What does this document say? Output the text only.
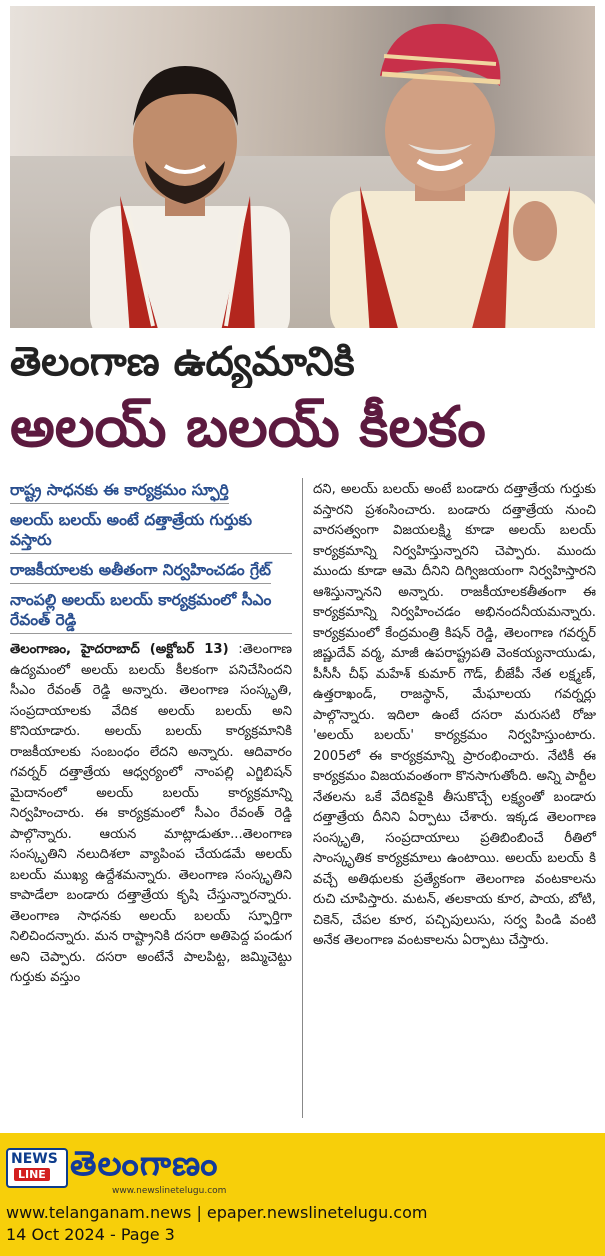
తెలంగాణ ఉద్యమానికి
అలయ్ బలయ్ కీలకం
రాష్ట్ర సాధనకు ఈ కార్యక్రమం స్ఫూర్తి అలయ్ బలయ్ అంటే దత్తాత్రేయ గుర్తుకు వస్తారు రాజకీయాలకు అతీతంగా నిర్వహించడం గ్రేట్ నాంపల్లి అలయ్ బలయ్ కార్యక్రమంలో సీఎం రేవంత్ రెడ్డి

తెలంగాణం, హైదరాబాద్ (అక్టోబర్ 13) :తెలంగాణ ఉద్యమంలో అలయ్ బలయ్ కీలకంగా పనిచేసిందని సీఎం రేవంత్ రెడ్డి అన్నారు. తెలంగాణ సంస్కృతి, సంప్రదాయాలకు వేదిక అలయ్ బలయ్ అని కొనియాడారు. అలయ్ బలయ్ కార్యక్రమానికి రాజకీయాలకు సంబంధం లేదని అన్నారు. ఆదివారం గవర్నర్ దత్తాత్రేయ ఆధ్వర్యంలో నాంపల్లి ఎగ్జిబిషన్ మైదానంలో అలయ్ బలయ్ కార్యక్రమాన్ని నిర్వహించారు. ఈ కార్యక్రమంలో సీఎం రేవంత్ రెడ్డి పాల్గొన్నారు. ఆయన మాట్లాడుతూ...తెలంగాణ సంస్కృతిని నలుదిశలా వ్యాపింప చేయడమే అలయ్ బలయ్ ముఖ్య ఉద్దేశమన్నారు. తెలంగాణ సంస్కృతిని కాపాడేలా బండారు దత్తాత్రేయ కృషి చేస్తున్నారన్నారు. తెలంగాణ సాధనకు అలయ్ బలయ్ స్ఫూర్తిగా నిలిచిందన్నారు. మన రాష్ట్రానికి దసరా అతిపెద్ద పండుగ అని చెప్పారు. దసరా అంటేనే పాలపిట్ట, జమ్మిచెట్టు గుర్తుకు వస్తుం

దని, అలయ్ బలయ్ అంటే బండారు దత్తాత్రేయ గుర్తుకు వస్తారని ప్రశంసించారు. బండారు దత్తాత్రేయ నుంచి వారసత్వంగా విజయలక్ష్మి కూడా అలయ్ బలయ్ కార్యక్రమాన్ని నిర్వహిస్తున్నారని చెప్పారు. ముందు ముందు కూడా ఆమె దీనిని దిగ్విజయంగా నిర్వహిస్తారని ఆశిస్తున్నానని అన్నారు. రాజకీయాలకతీతంగా ఈ కార్యక్రమాన్ని నిర్వహించడం అభినందనీయమన్నారు. కార్యక్రమంలో కేంద్రమంత్రి కిషన్ రెడ్డి, తెలంగాణ గవర్నర్ జిష్ణుదేవ్ వర్మ, మాజీ ఉపరాష్ట్రపతి వెంకయ్యనాయుడు, పీసీసీ చీఫ్ మహేశ్ కుమార్ గౌడ్, బీజేపీ నేత లక్ష్మణ్, ఉత్తరాఖండ్, రాజస్థాన్, మేఘాలయ గవర్నర్లు పాల్గొన్నారు. ఇదిలా ఉంటే దసరా మరుసటి రోజు 'అలయ్ బలయ్' కార్యక్రమం నిర్వహిస్తుంటారు. 2005లో ఈ కార్యక్రమాన్ని ప్రారంభించారు. నేటికీ ఈ కార్యక్రమం విజయవంతంగా కొనసాగుతోంది. అన్ని పార్టీల నేతలను ఒకే వేదికపైకి తీసుకొచ్చే లక్ష్యంతో బండారు దత్తాత్రేయ దీనిని ఏర్పాటు చేశారు. ఇక్కడ తెలంగాణ సంస్కృతి, సంప్రదాయాలు ప్రతిబింబించే రీతిలో సాంస్కృతిక కార్యక్రమాలు ఉంటాయి. అలయ్ బలయ్ కి వచ్చే అతిథులకు ప్రత్యేకంగా తెలంగాణ వంటకాలను రుచి చూపిస్తారు. మటన్, తలకాయ కూర, పాయ, బోటి, చికెన్, చేపల కూర, పచ్చిపులుసు, సర్వ పిండి వంటి అనేక తెలంగాణ వంటకాలను ఏర్పాటు చేస్తారు.

NEWS
LINE తెలంగాణం
www.newslinetelugu.com
www.telanganam.news | epaper.newslinetelugu.com
14 Oct 2024 - Page 3
